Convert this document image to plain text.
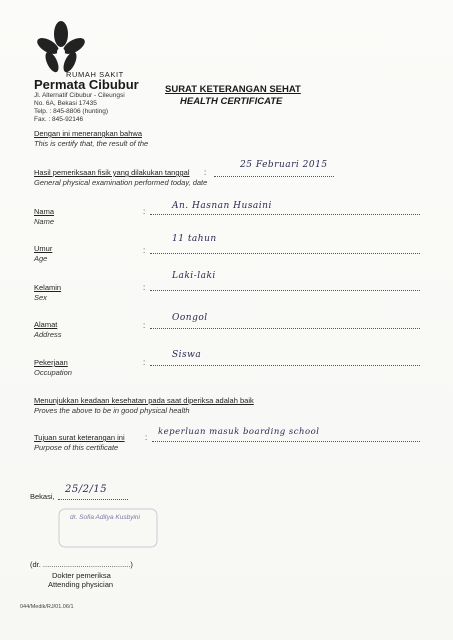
RUMAH SAKIT
Permata Cibubur
Jl. Alternatif Cibubur - Cileungsi
No. 6A, Bekasi 17435
Telp. : 845-8806 (hunting)
Fax. : 845-92146
SURAT KETERANGAN SEHAT
HEALTH CERTIFICATE
Dengan ini menerangkan bahwa
This is certify that, the result of the
Hasil pemeriksaan fisik yang dilakukan tanggal
General physical examination performed today, date
:
25 Februari 2015
Nama
Name
:
An. Hasnan Husaini
Umur
Age
:
11 tahun
Kelamin
Sex
:
Laki-laki
Alamat
Address
:
Oongol
Pekerjaan
Occupation
:
Siswa
Menunjukkan keadaan kesehatan pada saat diperiksa adalah baik
Proves the above to be in good physical health
Tujuan surat keterangan ini
Purpose of this certificate
:
keperluan masuk boarding school
Bekasi,
25/2/15
dr. Sofia Aditya Kusbyini
(dr. ..........................................)
Dokter pemeriksa
Attending physician
044/Medik/RJ/01.06/1
